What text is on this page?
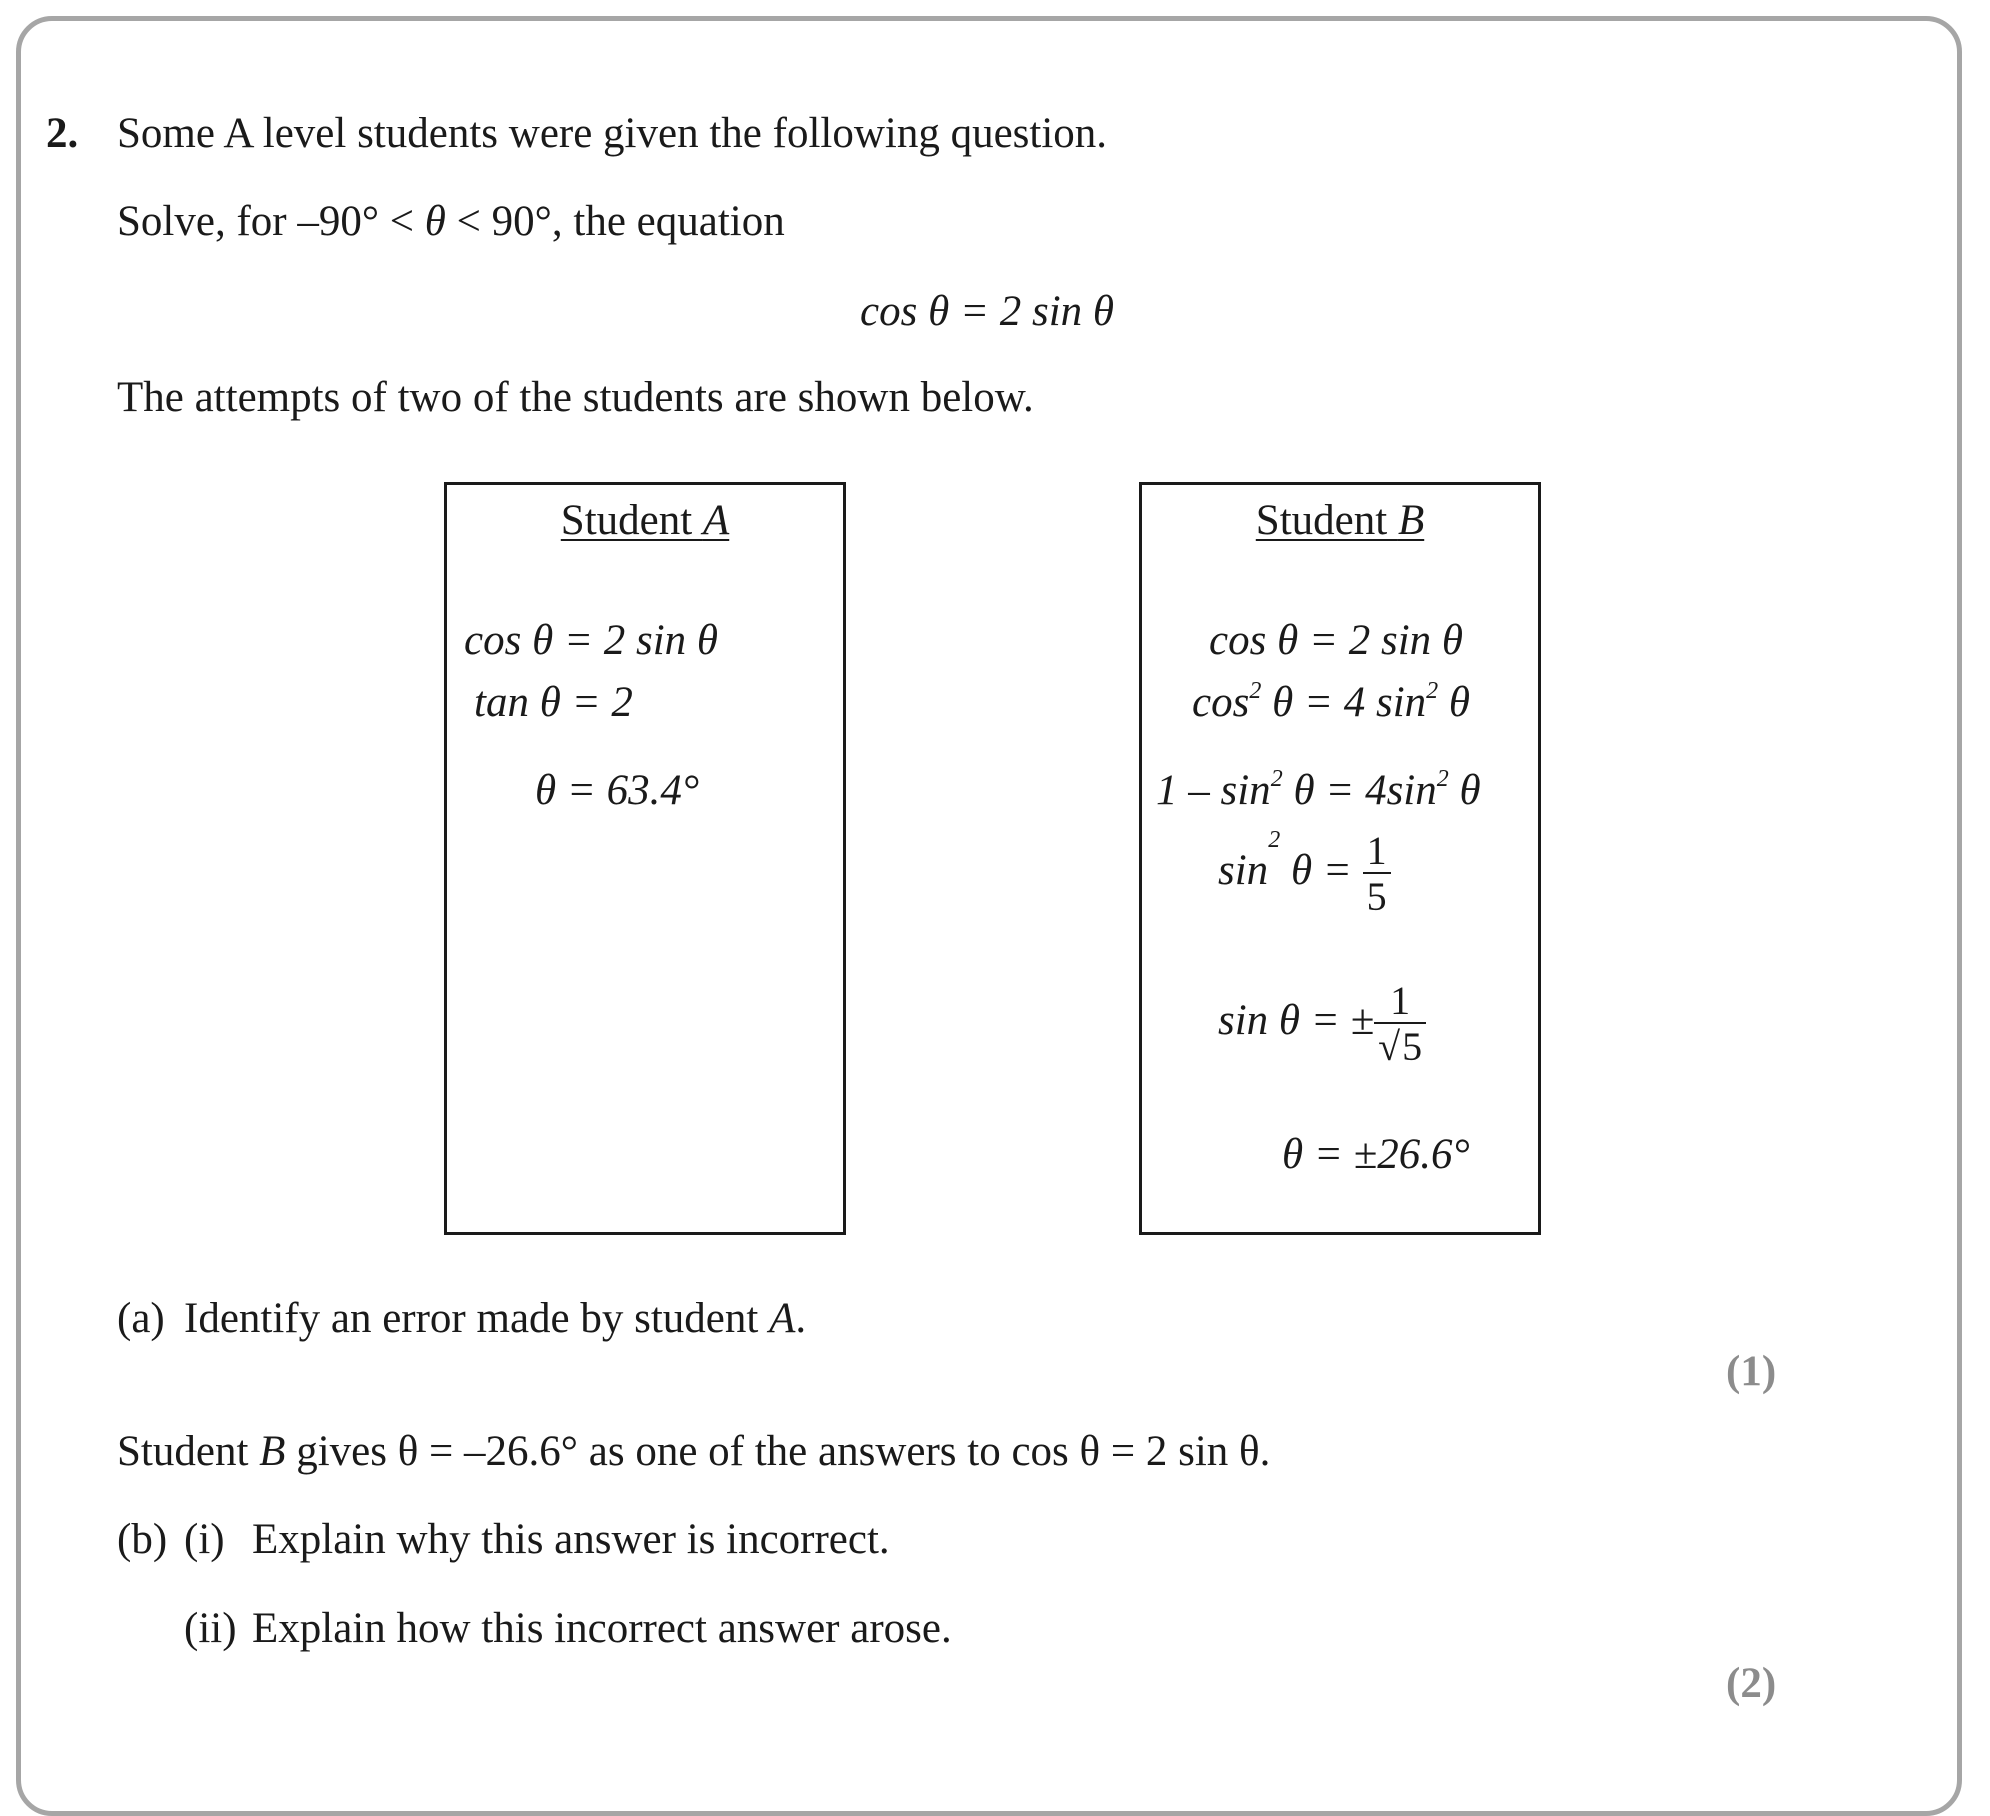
2. Some A level students were given the following question.
Solve, for –90° < θ < 90°, the equation
cos θ = 2 sin θ
The attempts of two of the students are shown below.
Student A
cos θ = 2 sin θ
tan θ = 2
θ = 63.4°
Student B
cos θ = 2 sin θ
$\cos^2 \theta = 4$ $\sin^2 \theta$
$1 - \sin^2 \theta = 4\sin^2$ θ
$\sin^2 \theta = \frac{1}{5}$
sin θ = ± $\frac{1}{√5}$
θ = ±26.6°
(a) Identify an error made by student A.
(1)
Student B gives θ = –26.6° as one of the answers to cos θ = 2 sin θ.
(b) (i) Explain why this answer is incorrect.
(ii) Explain how this incorrect answer arose.
(2)
